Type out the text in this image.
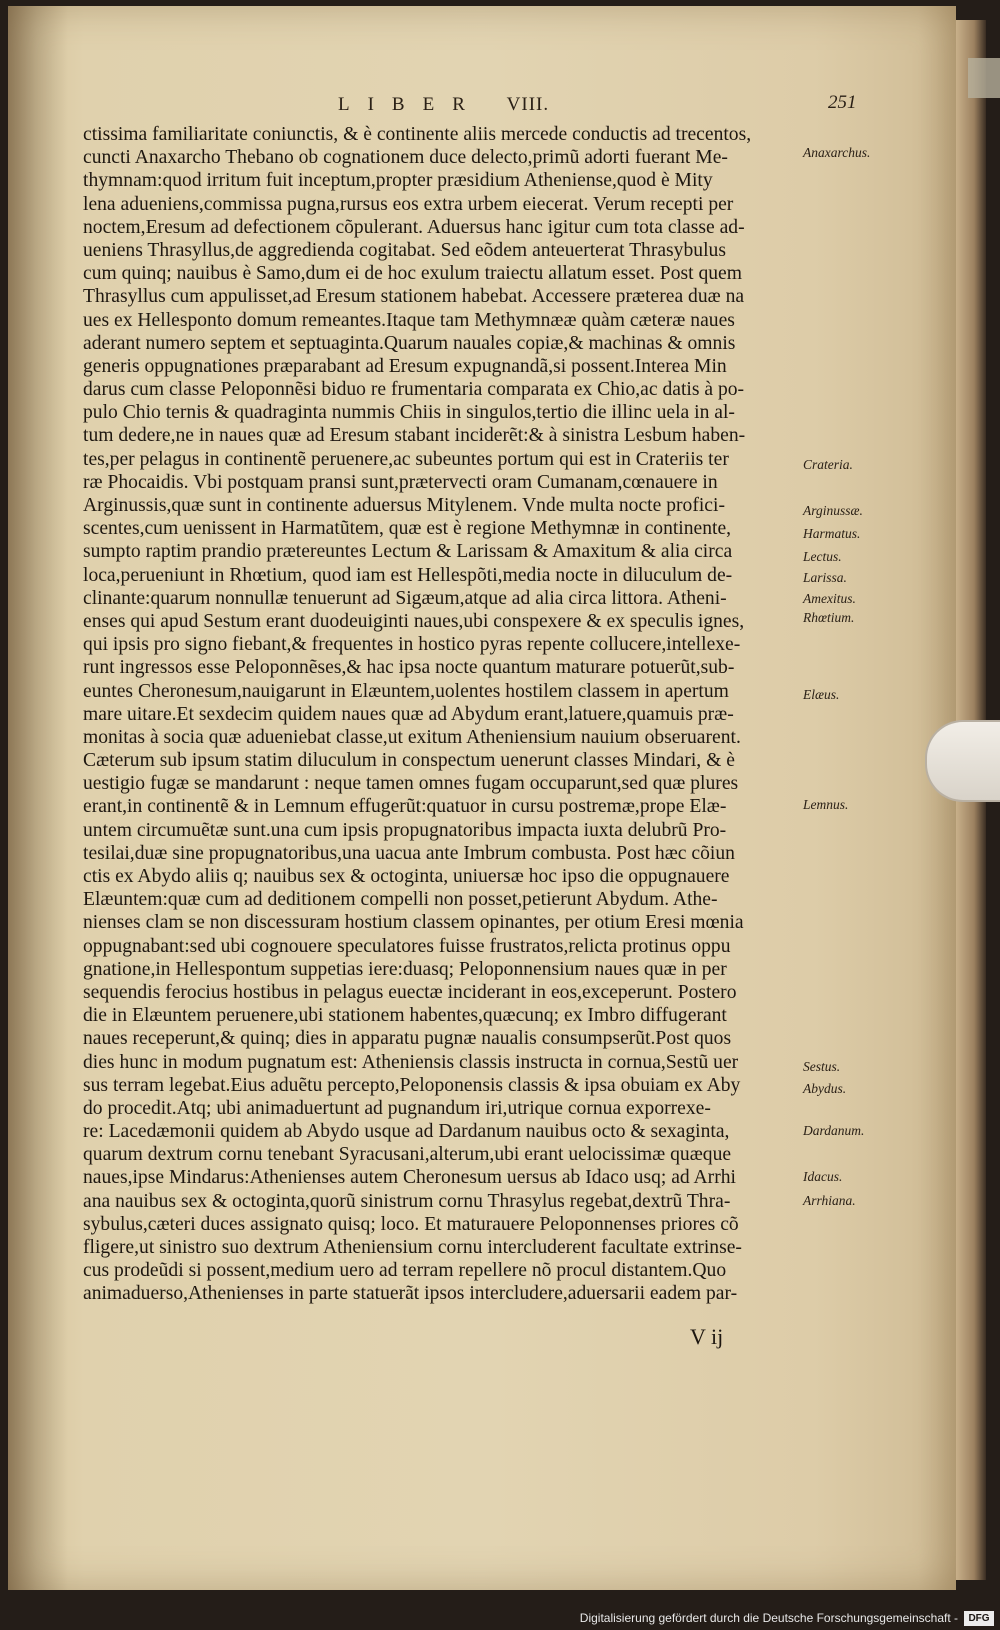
LIBER VIII.	251
ctissima familiaritate coniunctis, & è continente aliis mercede conductis ad trecentos,
cuncti Anaxarcho Thebano ob cognationem duce delecto,primũ adorti fuerant Me-
thymnam:quod irritum fuit inceptum,propter præsidium Atheniense,quod è Mity
lena adueniens,commissa pugna,rursus eos extra urbem eiecerat. Verum recepti per
noctem,Eresum ad defectionem cõpulerant. Aduersus hanc igitur cum tota classe ad-
ueniens Thrasyllus,de aggredienda cogitabat. Sed eõdem anteuerterat Thrasybulus
cum quinq; nauibus è Samo,dum ei de hoc exulum traiectu allatum esset. Post quem
Thrasyllus cum appulisset,ad Eresum stationem habebat. Accessere præterea duæ na
ues ex Hellesponto domum remeantes.Itaque tam Methymnææ quàm cæteræ naues
aderant numero septem et septuaginta.Quarum nauales copiæ,& machinas & omnis
generis oppugnationes præparabant ad Eresum expugnandã,si possent.Interea Min
darus cum classe Peloponnẽsi biduo re frumentaria comparata ex Chio,ac datis à po-
pulo Chio ternis & quadraginta nummis Chiis in singulos,tertio die illinc uela in al-
tum dedere,ne in naues quæ ad Eresum stabant inciderẽt:& à sinistra Lesbum haben-
tes,per pelagus in continentẽ peruenere,ac subeuntes portum qui est in Crateriis ter
ræ Phocaidis. Vbi postquam pransi sunt,prætervecti oram Cumanam,cœnauere in
Arginussis,quæ sunt in continente aduersus Mitylenem. Vnde multa nocte profici-
scentes,cum uenissent in Harmatũtem, quæ est è regione Methymnæ in continente,
sumpto raptim prandio prætereuntes Lectum & Larissam & Amaxitum & alia circa
loca,perueniunt in Rhœtium, quod iam est Hellespõti,media nocte in diluculum de-
clinante:quarum nonnullæ tenuerunt ad Sigæum,atque ad alia circa littora. Atheni-
enses qui apud Sestum erant duodeuiginti naues,ubi conspexere & ex speculis ignes,
qui ipsis pro signo fiebant,& frequentes in hostico pyras repente collucere,intellexe-
runt ingressos esse Peloponnẽses,& hac ipsa nocte quantum maturare potuerũt,sub-
euntes Cheronesum,nauigarunt in Elæuntem,uolentes hostilem classem in apertum
mare uitare.Et sexdecim quidem naues quæ ad Abydum erant,latuere,quamuis præ-
monitas à socia quæ adueniebat classe,ut exitum Atheniensium nauium obseruarent.
Cæterum sub ipsum statim diluculum in conspectum uenerunt classes Mindari, & è
uestigio fugæ se mandarunt : neque tamen omnes fugam occuparunt,sed quæ plures
erant,in continentẽ & in Lemnum effugerũt:quatuor in cursu postremæ,prope Elæ-
untem circumuẽtæ sunt.una cum ipsis propugnatoribus impacta iuxta delubrũ Pro-
tesilai,duæ sine propugnatoribus,una uacua ante Imbrum combusta. Post hæc cõiun
ctis ex Abydo aliis q; nauibus sex & octoginta, uniuersæ hoc ipso die oppugnauere
Elæuntem:quæ cum ad deditionem compelli non posset,petierunt Abydum. Athe-
nienses clam se non discessuram hostium classem opinantes, per otium Eresi mœnia
oppugnabant:sed ubi cognouere speculatores fuisse frustratos,relicta protinus oppu
gnatione,in Hellespontum suppetias iere:duasq; Peloponnensium naues quæ in per
sequendis ferocius hostibus in pelagus euectæ inciderant in eos,exceperunt. Postero
die in Elæuntem peruenere,ubi stationem habentes,quæcunq; ex Imbro diffugerant
naues receperunt,& quinq; dies in apparatu pugnæ naualis consumpserũt.Post quos
dies hunc in modum pugnatum est: Atheniensis classis instructa in cornua,Sestũ uer
sus terram legebat.Eius aduẽtu percepto,Peloponensis classis & ipsa obuiam ex Aby
do procedit.Atq; ubi animaduertunt ad pugnandum iri,utrique cornua exporrexe-
re: Lacedæmonii quidem ab Abydo usque ad Dardanum nauibus octo & sexaginta,
quarum dextrum cornu tenebant Syracusani,alterum,ubi erant uelocissimæ quæque
naues,ipse Mindarus:Athenienses autem Cheronesum uersus ab Idaco usq; ad Arrhi
ana nauibus sex & octoginta,quorũ sinistrum cornu Thrasylus regebat,dextrũ Thra-
sybulus,cæteri duces assignato quisq; loco. Et maturauere Peloponnenses priores cõ
fligere,ut sinistro suo dextrum Atheniensium cornu intercluderent facultate extrinse-
cus prodeũdi si possent,medium uero ad terram repellere nõ procul distantem.Quo
animaduerso,Athenienses in parte statuerãt ipsos intercludere,aduersarii eadem par-
Anaxarchus.
Crateria.
Arginussæ.
Harmatus.
Lectus.
Larissa.
Amexitus.
Rhœtium.
Elæus.
Lemnus.
Sestus.
Abydus.
Dardanum.
Idacus.
Arrhiana.
V ij
Digitalisierung gefördert durch die Deutsche Forschungsgemeinschaft -	DFG
